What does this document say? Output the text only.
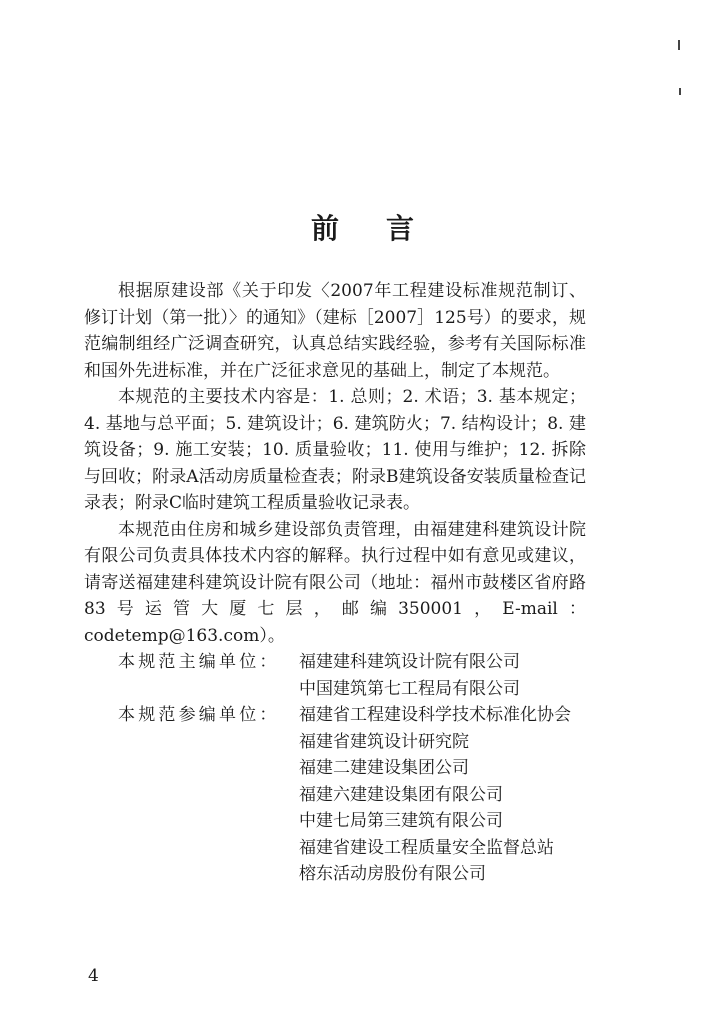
前 言

根据原建设部《关于印发〈2007年工程建设标准规范制订、修订计划（第一批）〉的通知》（建标［2007］125号）的要求，规范编制组经广泛调查研究，认真总结实践经验，参考有关国际标准和国外先进标准，并在广泛征求意见的基础上，制定了本规范。

本规范的主要技术内容是：1. 总则；2. 术语；3. 基本规定；4. 基地与总平面；5. 建筑设计；6. 建筑防火；7. 结构设计；8. 建筑设备；9. 施工安装；10. 质量验收；11. 使用与维护；12. 拆除与回收；附录A活动房质量检查表；附录B建筑设备安装质量检查记录表；附录C临时建筑工程质量验收记录表。

本规范由住房和城乡建设部负责管理，由福建建科建筑设计院有限公司负责具体技术内容的解释。执行过程中如有意见或建议，请寄送福建建科建筑设计院有限公司（地址：福州市鼓楼区省府路83号运管大厦七层，邮编350001，E-mail：codetemp@163.com）。

本规范主编单位：	福建建科建筑设计院有限公司
中国建筑第七工程局有限公司
本规范参编单位：	福建省工程建设科学技术标准化协会
福建省建筑设计研究院
福建二建建设集团公司
福建六建建设集团有限公司
中建七局第三建筑有限公司
福建省建设工程质量安全监督总站
榕东活动房股份有限公司
4
